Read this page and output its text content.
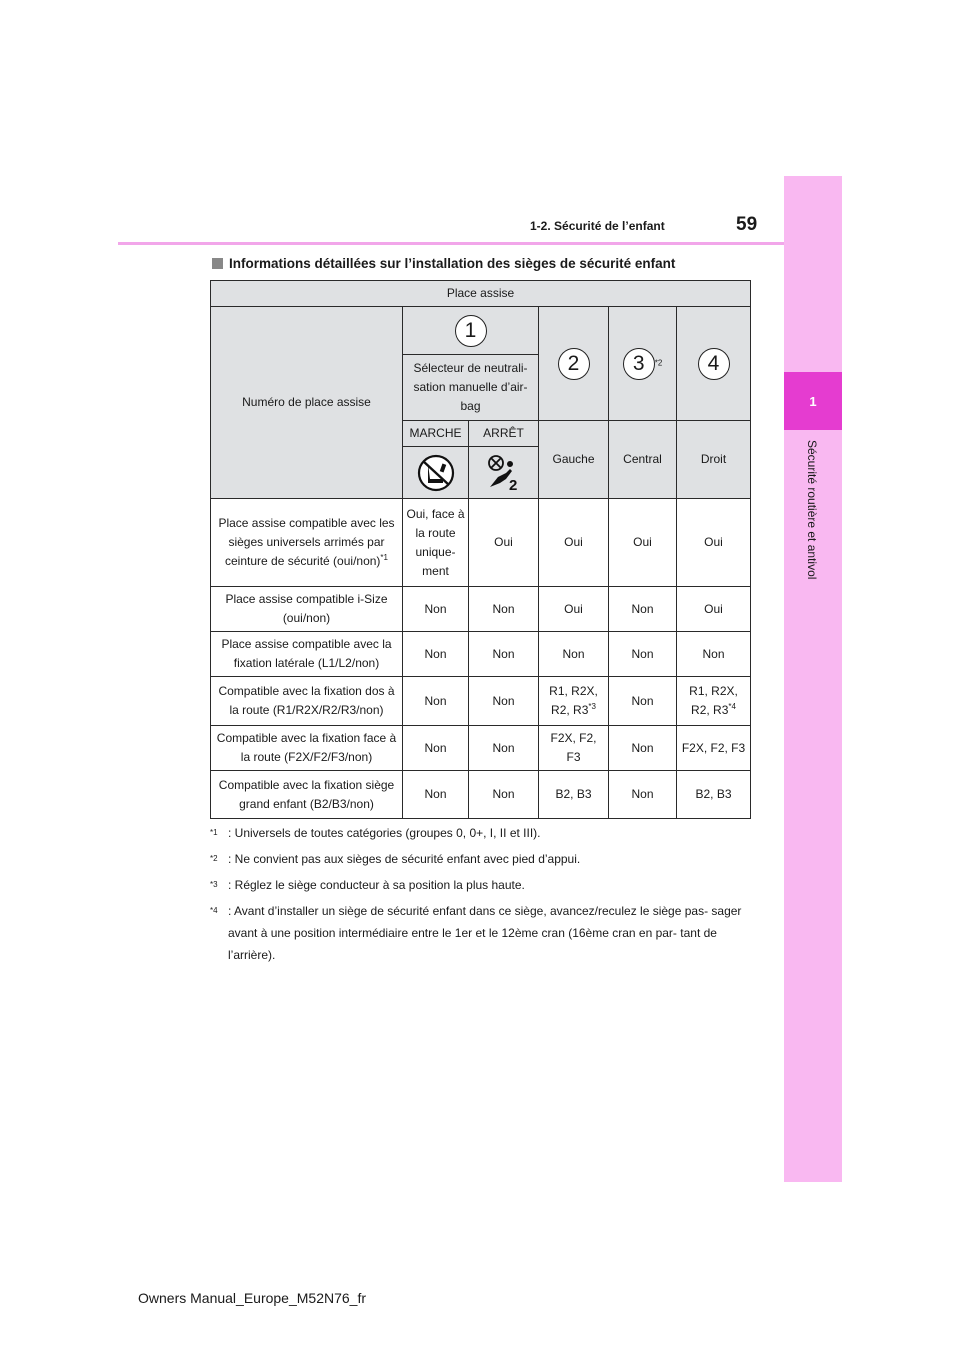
1
Sécurité routière et antivol
59
1-2. Sécurité de l’enfant
Informations détaillées sur l’installation des sièges de sécurité enfant
Place assise					
Numéro de place assise	1		2	3 $^{*2}$	4
	Sélecteur de neutrali- sation manuelle d’air- bag				
	MARCHE	ARRÊT	Gauche	Central	Droit

2			

Place assise compatible avec les sièges universels arrimés par ceinture de sécurité $(oui/non)^{*1}$	Oui, face à la route unique- ment	Oui	Oui	Oui	Oui
Place assise compatible i-Size (oui/non)	Non	Non	Oui	Non	Oui
Place assise compatible avec la fixation latérale (L1/L2/non)	Non	Non	Non	Non	Non
Compatible avec la fixation dos à la route (R1/R2X/R2/R3/non)	Non	Non	R1, R2X, R2, R3$^{*3}$	Non	R1, R2X, R2, R3$^{*4}$
Compatible avec la fixation face à la route (F2X/F2/F3/non)	Non	Non	F2X, F2, F3	Non	F2X, F2, F3
Compatible avec la fixation siège grand enfant (B2/B3/non)	Non	Non	B2, B3	Non	B2, B3
$^{*1}$ : Universels de toutes catégories (groupes 0, 0+, I, II et III).
$^{*2}$ : Ne convient pas aux sièges de sécurité enfant avec pied d’appui.
$^{*3}$ : Réglez le siège conducteur à sa position la plus haute.
$^{*4}$ : Avant d’installer un siège de sécurité enfant dans ce siège, avancez/reculez le siège pas- sager avant à une position intermédiaire entre le 1er et le 12ème cran (16ème cran en par- tant de l’arrière).
Owners Manual_Europe_M52N76_fr
